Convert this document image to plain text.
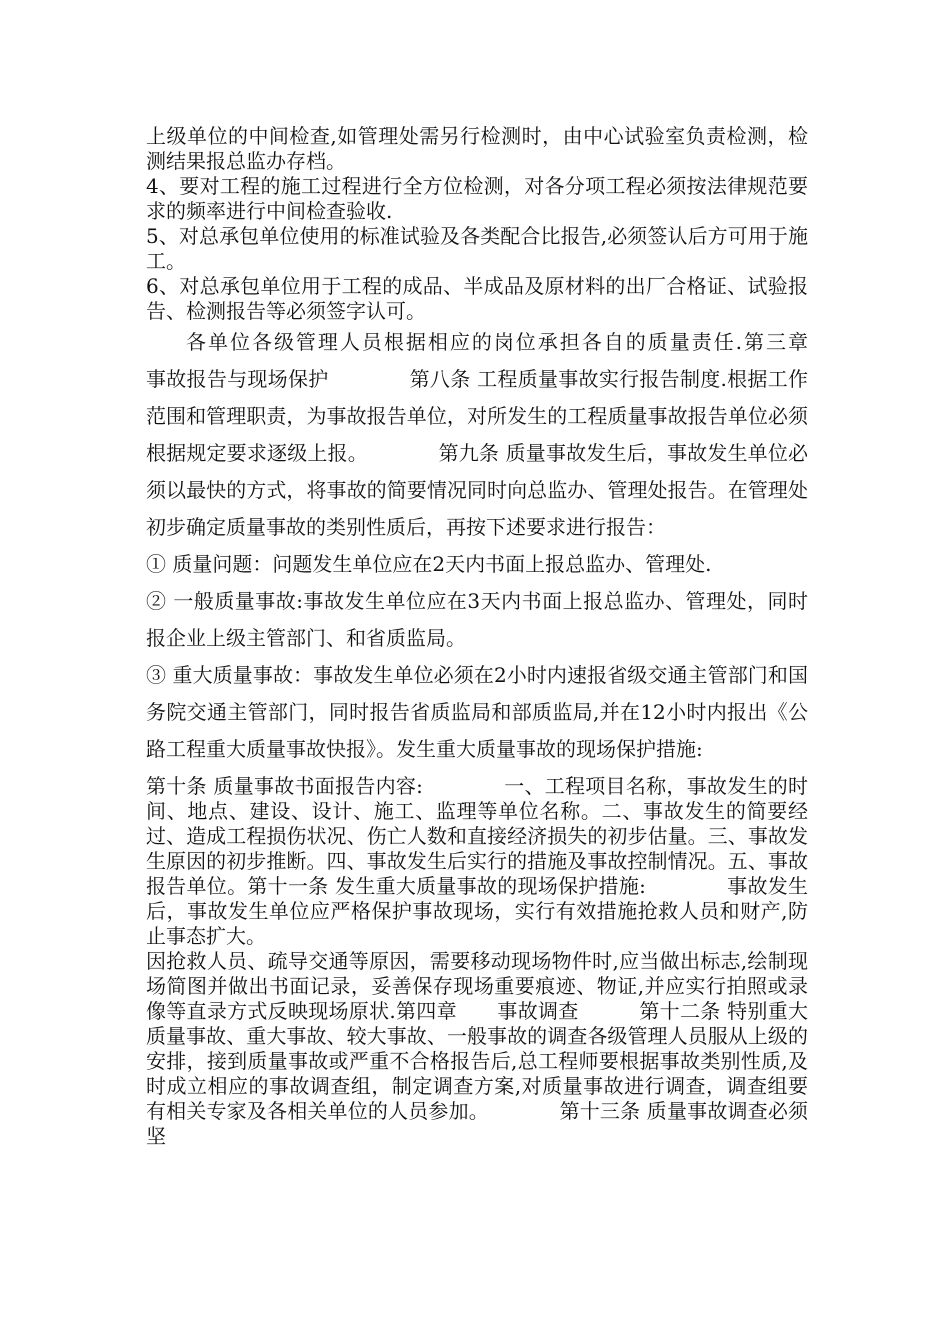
上级单位的中间检查,如管理处需另行检测时，由中心试验室负责检测，检测结果报总监办存档。

4、要对工程的施工过程进行全方位检测，对各分项工程必须按法律规范要求的频率进行中间检查验收.

5、对总承包单位使用的标准试验及各类配合比报告,必须签认后方可用于施工。

6、对总承包单位用于工程的成品、半成品及原材料的出厂合格证、试验报告、检测报告等必须签字认可。

各单位各级管理人员根据相应的岗位承担各自的质量责任.第三章　　事故报告与现场保护　　　　第八条 工程质量事故实行报告制度.根据工作范围和管理职责，为事故报告单位，对所发生的工程质量事故报告单位必须根据规定要求逐级上报。　　　　第九条 质量事故发生后，事故发生单位必须以最快的方式，将事故的简要情况同时向总监办、管理处报告。在管理处初步确定质量事故的类别性质后，再按下述要求进行报告：

① 质量问题：问题发生单位应在2天内书面上报总监办、管理处.

② 一般质量事故:事故发生单位应在3天内书面上报总监办、管理处，同时报企业上级主管部门、和省质监局。

③ 重大质量事故：事故发生单位必须在2小时内速报省级交通主管部门和国务院交通主管部门，同时报告省质监局和部质监局,并在12小时内报出《公路工程重大质量事故快报》。发生重大质量事故的现场保护措施:

第十条 质量事故书面报告内容:　　　　一、工程项目名称，事故发生的时间、地点、建设、设计、施工、监理等单位名称。二、事故发生的简要经过、造成工程损伤状况、伤亡人数和直接经济损失的初步估量。三、事故发生原因的初步推断。四、事故发生后实行的措施及事故控制情况。五、事故报告单位。第十一条 发生重大质量事故的现场保护措施:　　　　事故发生后，事故发生单位应严格保护事故现场，实行有效措施抢救人员和财产,防止事态扩大。

因抢救人员、疏导交通等原因，需要移动现场物件时,应当做出标志,绘制现场简图并做出书面记录，妥善保存现场重要痕迹、物证,并应实行拍照或录像等直录方式反映现场原状.第四章　　事故调查　　　第十二条 特别重大质量事故、重大事故、较大事故、一般事故的调查各级管理人员服从上级的安排，接到质量事故或严重不合格报告后,总工程师要根据事故类别性质,及时成立相应的事故调查组，制定调查方案,对质量事故进行调查，调查组要有相关专家及各相关单位的人员参加。　　　　第十三条 质量事故调查必须坚
